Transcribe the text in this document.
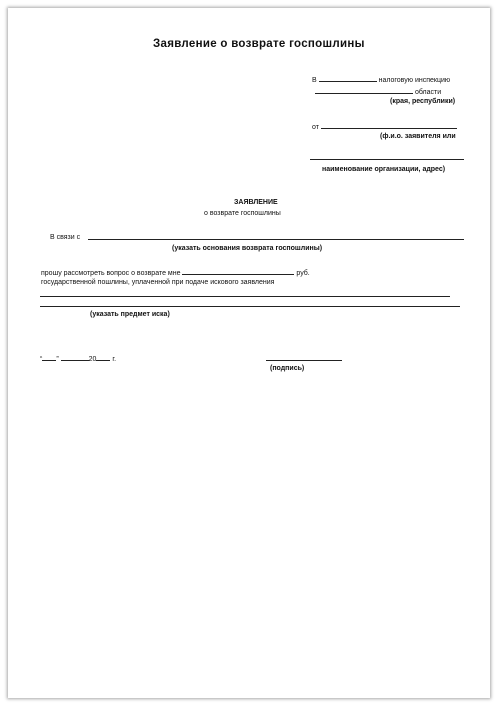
Заявление о возврате госпошлины
В	налоговую инспекцию
области
(края, республики)
от
(ф.и.о. заявителя или
наименование организации, адрес)
ЗАЯВЛЕНИЕ
о возврате госпошлины
В связи с
(указать основания возврата госпошлины)
прошу рассмотреть вопрос о возврате мне	руб.
государственной пошлины, уплаченной при подаче искового заявления
(указать предмет иска)
“ ”	20 г.
(подпись)
